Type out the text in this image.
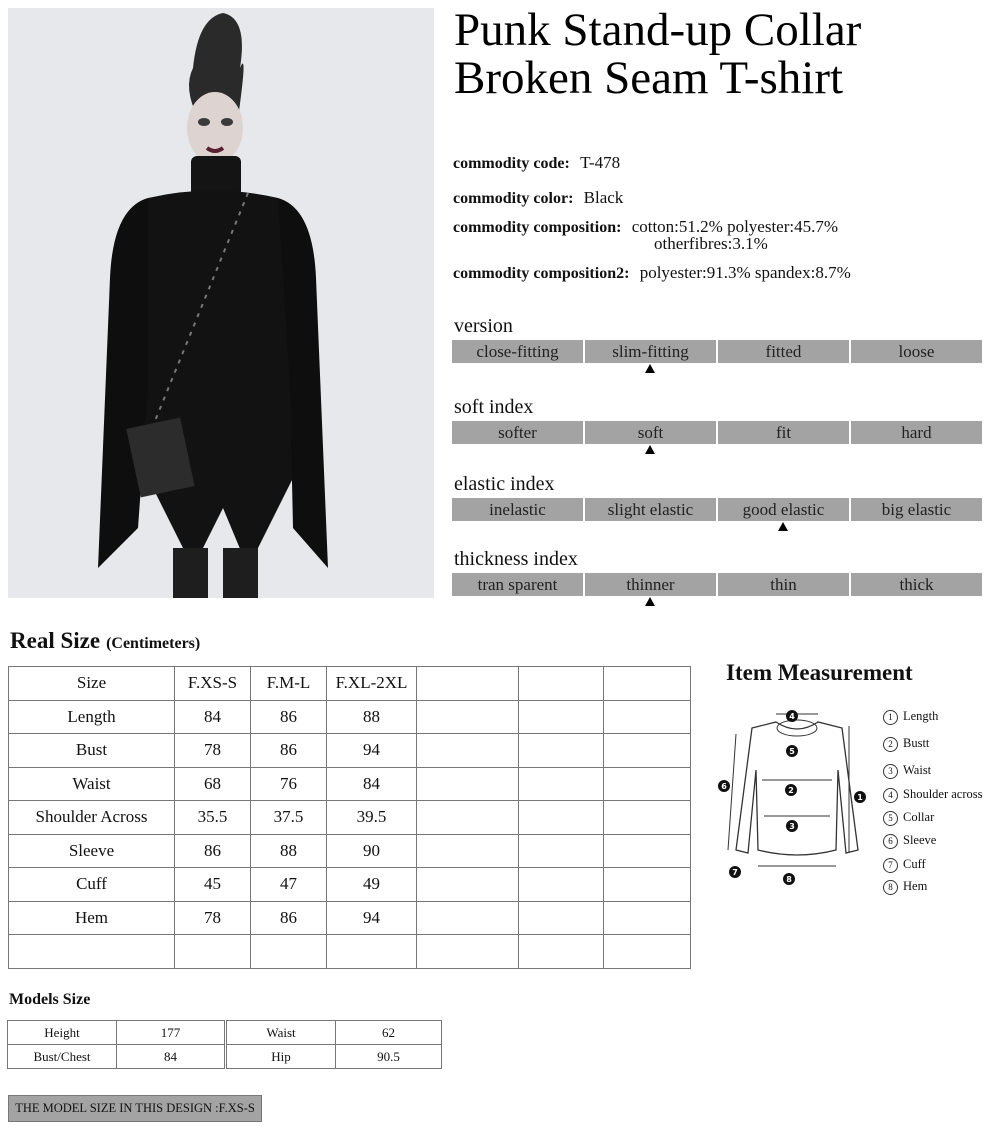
Punk Stand-up Collar Broken Seam T-shirt
commodity code: T-478
commodity color: Black
commodity composition: cotton:51.2% polyester:45.7%
otherfibres:3.1%
commodity composition2: polyester:91.3% spandex:8.7%
version
close-fitting	slim-fitting	fitted	loose
soft index
softer	soft	fit	hard
elastic index
inelastic	slight elastic	good elastic	big elastic
thickness index
tran sparent	thinner	thin	thick
Real Size (Centimeters)
Size	F.XS-S	F.M-L	F.XL-2XL			
Length	84	86	88			
Bust	78	86	94			
Waist	68	76	84			
Shoulder Across	35.5	37.5	39.5			
Sleeve	86	88	90			
Cuff	45	47	49			
Hem	78	86	94			

Item Measurement
4
5
2
3
1
6
7
8
1 Length
2 Bustt
3 Waist
4 Shoulder across
5 Collar
6 Sleeve
7 Cuff
8 Hem
Models Size
Height	177
Bust/Chest	84
Waist	62
Hip	90.5
THE MODEL SIZE IN THIS DESIGN :F.XS-S
